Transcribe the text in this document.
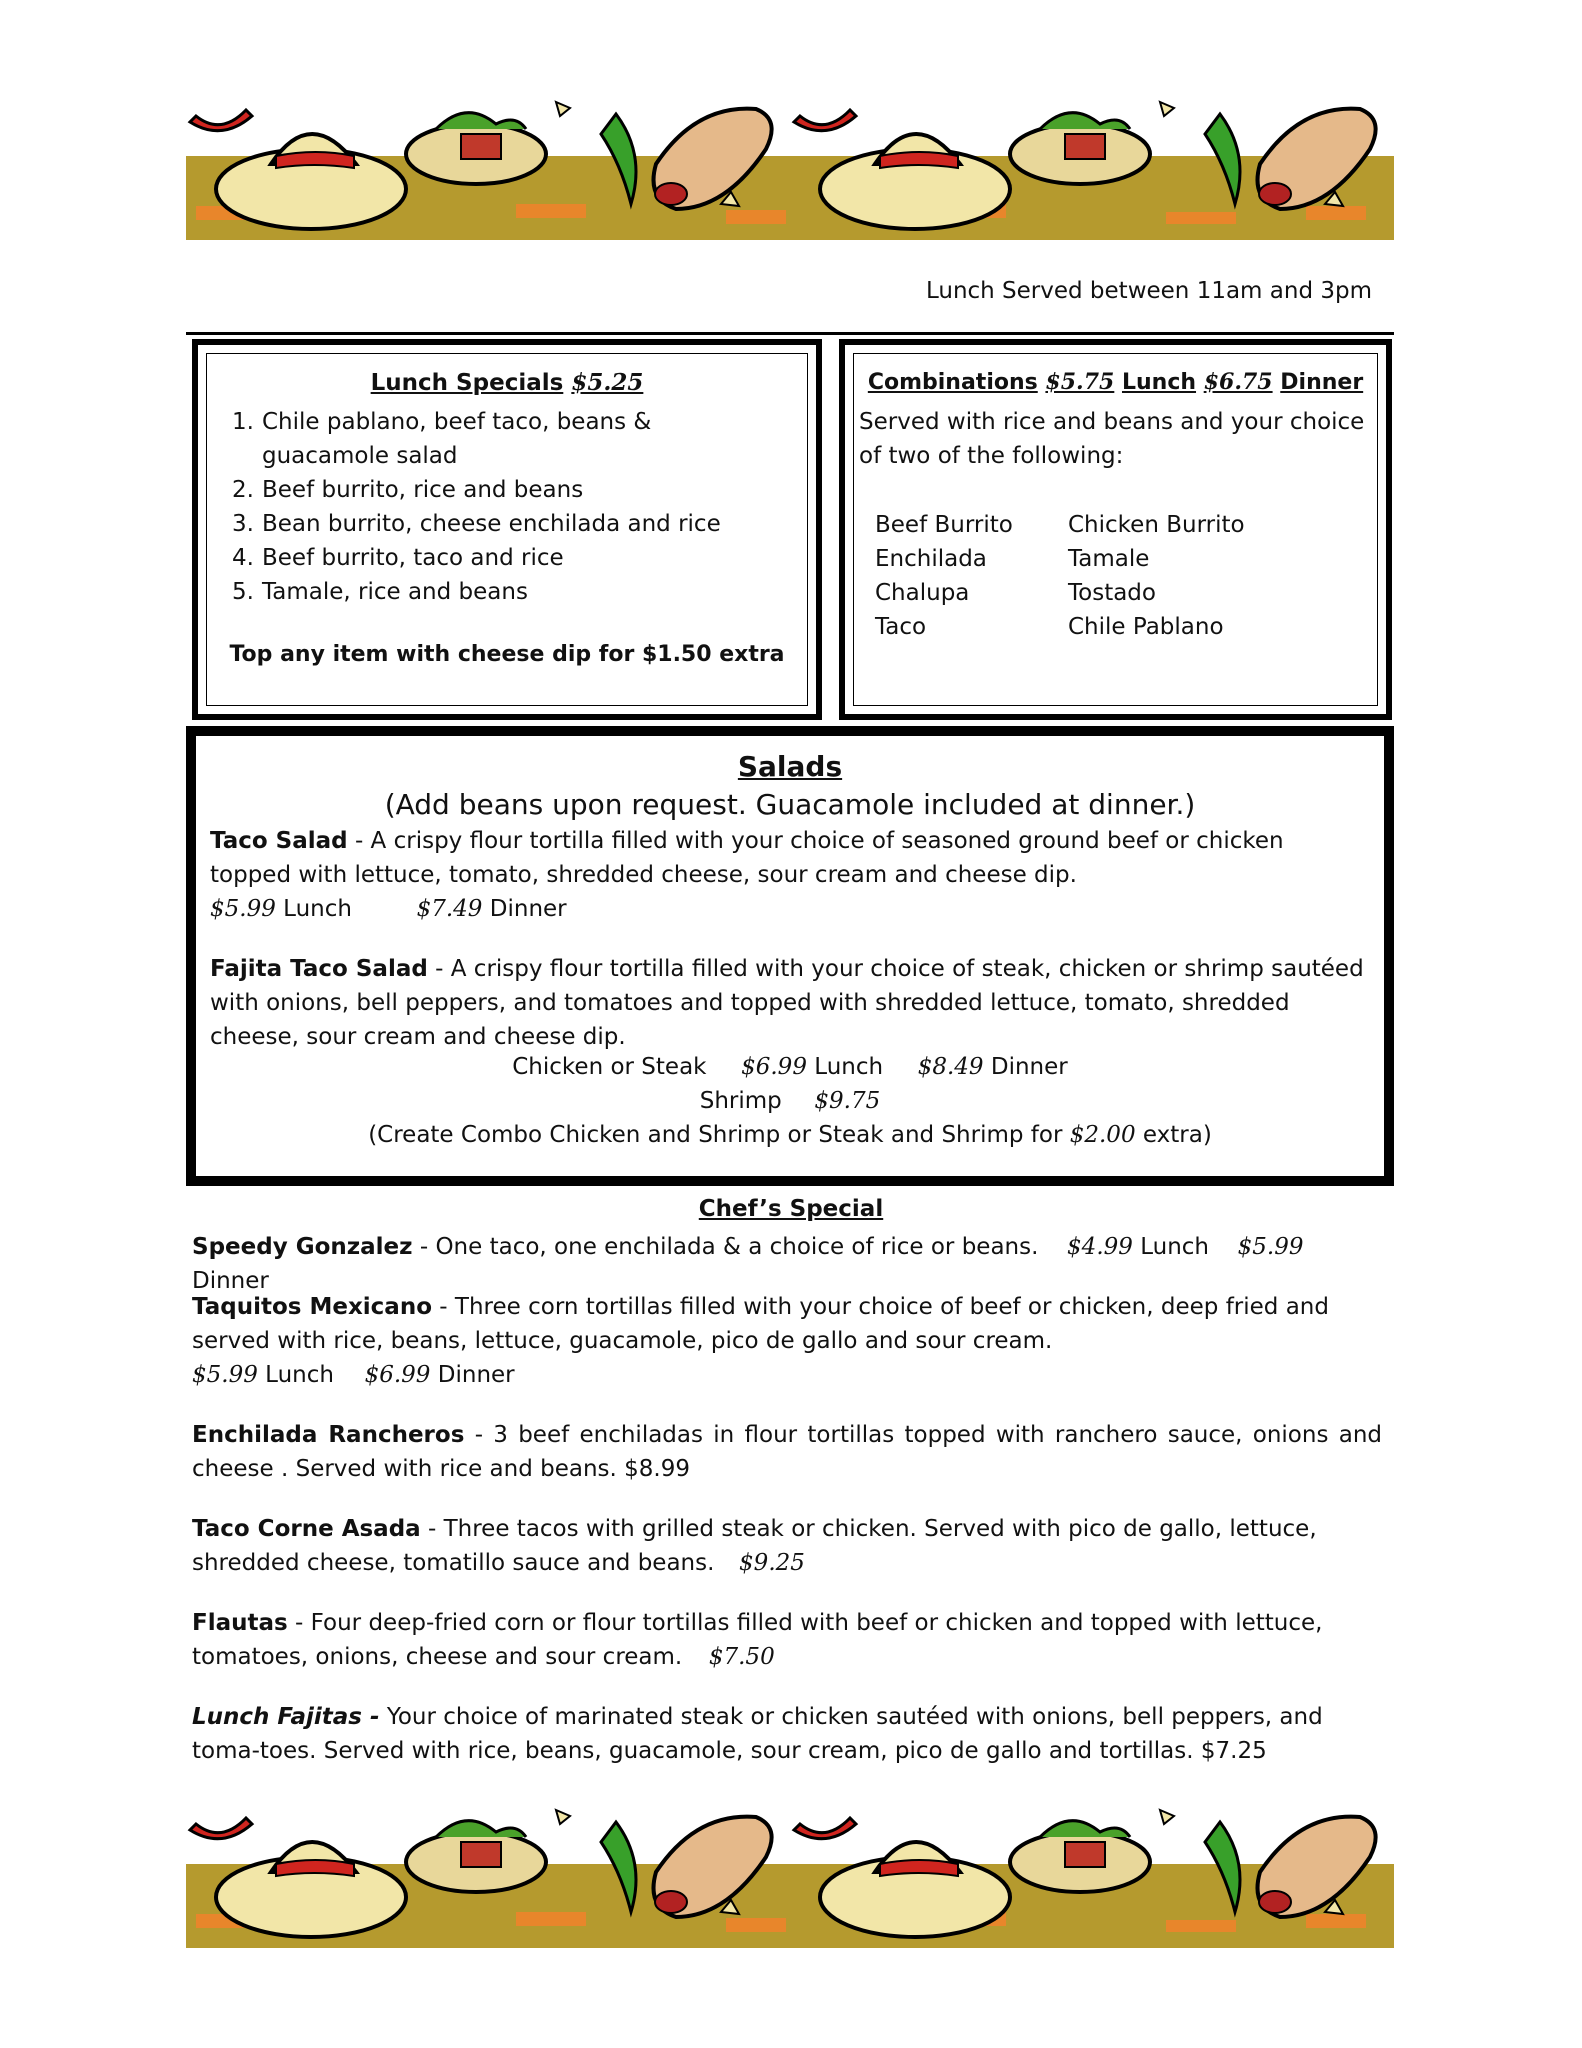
Lunch Served between 11am and 3pm
Lunch Specials $5.25
1. Chile pablano, beef taco, beans & guacamole salad
2. Beef burrito, rice and beans
3. Bean burrito, cheese enchilada and rice
4. Beef burrito, taco and rice
5. Tamale, rice and beans
Top any item with cheese dip for $1.50 extra
Combinations $5.75 Lunch $6.75 Dinner
Served with rice and beans and your choice of two of the following:
Beef Burrito
Enchilada
Chalupa
Taco
Chicken Burrito
Tamale
Tostado
Chile Pablano
Salads
(Add beans upon request. Guacamole included at dinner.)
Taco Salad - A crispy flour tortilla filled with your choice of seasoned ground beef or chicken topped with lettuce, tomato, shredded cheese, sour cream and cheese dip.
$5.99 Lunch	$7.49 Dinner
Fajita Taco Salad - A crispy flour tortilla filled with your choice of steak, chicken or shrimp sautéed with onions, bell peppers, and tomatoes and topped with shredded lettuce, tomato, shredded cheese, sour cream and cheese dip.
Chicken or Steak $6.99 Lunch $8.49 Dinner
Shrimp $9.75
(Create Combo Chicken and Shrimp or Steak and Shrimp for $2.00 extra)
Chef’s Special
Speedy Gonzalez - One taco, one enchilada & a choice of rice or beans. $4.99 Lunch $5.99 Dinner
Taquitos Mexicano - Three corn tortillas filled with your choice of beef or chicken, deep fried and served with rice, beans, lettuce, guacamole, pico de gallo and sour cream.
$5.99 Lunch $6.99 Dinner
Enchilada Rancheros - 3 beef enchiladas in flour tortillas topped with ranchero sauce, onions and cheese . Served with rice and beans. $8.99
Taco Corne Asada - Three tacos with grilled steak or chicken. Served with pico de gallo, lettuce, shredded cheese, tomatillo sauce and beans. $9.25
Flautas - Four deep-fried corn or flour tortillas filled with beef or chicken and topped with lettuce, tomatoes, onions, cheese and sour cream. $7.50
Lunch Fajitas - Your choice of marinated steak or chicken sautéed with onions, bell peppers, and toma-toes. Served with rice, beans, guacamole, sour cream, pico de gallo and tortillas. $7.25
